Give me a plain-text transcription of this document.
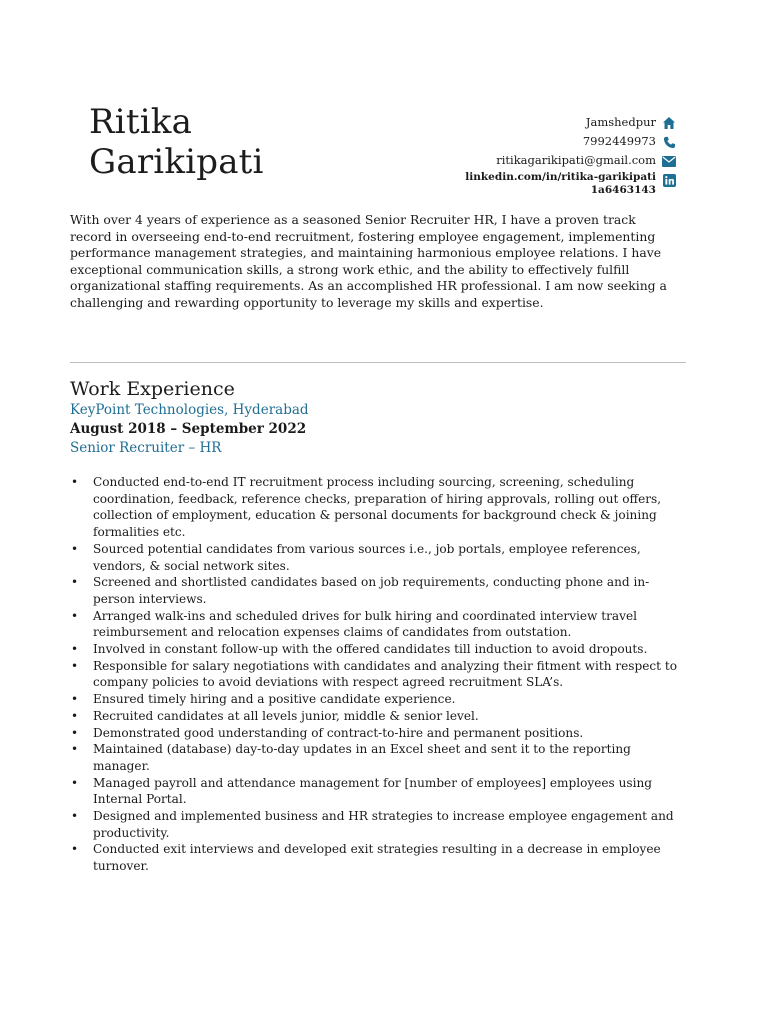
Ritika
Garikipati
Jamshedpur
7992449973
ritikagarikipati@gmail.com
linkedin.com/in/ritika-garikipati
1a6463143

With over 4 years of experience as a seasoned Senior Recruiter HR, I have a proven track record in overseeing end-to-end recruitment, fostering employee engagement, implementing performance management strategies, and maintaining harmonious employee relations. I have exceptional communication skills, a strong work ethic, and the ability to effectively fulfill organizational staffing requirements. As an accomplished HR professional. I am now seeking a challenging and rewarding opportunity to leverage my skills and expertise.

Work Experience

KeyPoint Technologies, Hyderabad

August 2018 – September 2022

Senior Recruiter – HR

• Conducted end-to-end IT recruitment process including sourcing, screening, scheduling coordination, feedback, reference checks, preparation of hiring approvals, rolling out offers, collection of employment, education & personal documents for background check & joining formalities etc.
• Sourced potential candidates from various sources i.e., job portals, employee references, vendors, & social network sites.
• Screened and shortlisted candidates based on job requirements, conducting phone and in-person interviews.
• Arranged walk-ins and scheduled drives for bulk hiring and coordinated interview travel reimbursement and relocation expenses claims of candidates from outstation.
• Involved in constant follow-up with the offered candidates till induction to avoid dropouts.
• Responsible for salary negotiations with candidates and analyzing their fitment with respect to company policies to avoid deviations with respect agreed recruitment SLA’s.
• Ensured timely hiring and a positive candidate experience.
• Recruited candidates at all levels junior, middle & senior level.
• Demonstrated good understanding of contract-to-hire and permanent positions.
• Maintained (database) day-to-day updates in an Excel sheet and sent it to the reporting manager.
• Managed payroll and attendance management for [number of employees] employees using Internal Portal.
• Designed and implemented business and HR strategies to increase employee engagement and productivity.
• Conducted exit interviews and developed exit strategies resulting in a decrease in employee turnover.
